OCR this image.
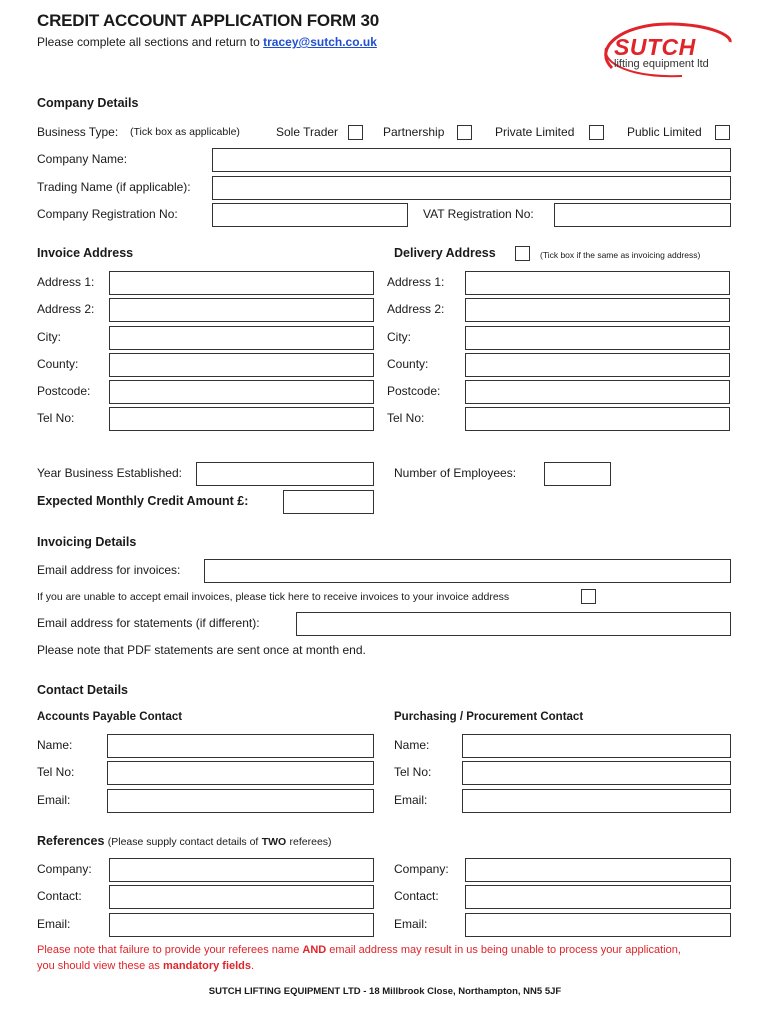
CREDIT ACCOUNT APPLICATION FORM 30
Please complete all sections and return to tracey@sutch.co.uk	SUTCH
lifting equipment ltd
Company Details
Business Type: (Tick box as applicable)	Sole Trader	Partnership	Private Limited	Public Limited
Company Name:
Trading Name (if applicable):
Company Registration No:	VAT Registration No:
Invoice Address	Delivery Address	(Tick box if the same as invoicing address)
Address 1:
Address 2:
City:
County:
Postcode:
Tel No:
Address 1:
Address 2:
City:
County:
Postcode:
Tel No:
Year Business Established:	Number of Employees:
Expected Monthly Credit Amount £:
Invoicing Details
Email address for invoices:
If you are unable to accept email invoices, please tick here to receive invoices to your invoice address
Email address for statements (if different):
Please note that PDF statements are sent once at month end.
Contact Details
Accounts Payable Contact	Purchasing / Procurement Contact
Name:
Tel No:
Email:
Name:
Tel No:
Email:
References (Please supply contact details of TWO referees)
Company:
Contact:
Email:
Company:
Contact:
Email:
Please note that failure to provide your referees name AND email address may result in us being unable to process your application,
you should view these as mandatory fields.
SUTCH LIFTING EQUIPMENT LTD - 18 Millbrook Close, Northampton, NN5 5JF
